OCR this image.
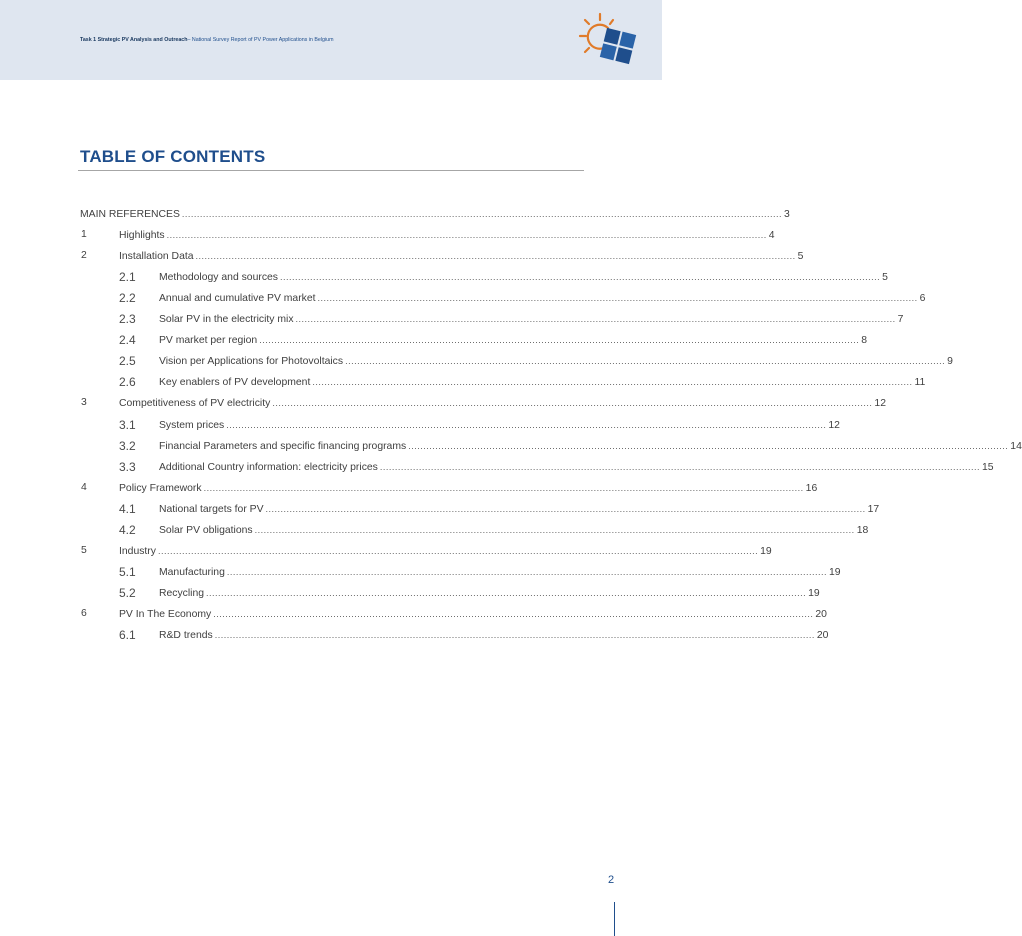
Task 1 Strategic PV Analysis and Outreach– National Survey Report of PV Power Applications in Belgium
TABLE OF CONTENTS
MAIN REFERENCES ........................................................................................................................................................................................................ 3
1	Highlights ........................................................................................................................................................................................................ 4
2	Installation Data ........................................................................................................................................................................................................ 5
2.1 Methodology and sources ........................................................................................................................................................................................................ 5
2.2 Annual and cumulative PV market ........................................................................................................................................................................................................ 6
2.3 Solar PV in the electricity mix ........................................................................................................................................................................................................ 7
2.4 PV market per region ........................................................................................................................................................................................................ 8
2.5 Vision per Applications for Photovoltaics ........................................................................................................................................................................................................ 9
2.6 Key enablers of PV development ........................................................................................................................................................................................................ 11
3	Competitiveness of PV electricity ........................................................................................................................................................................................................ 12
3.1 System prices ........................................................................................................................................................................................................ 12
3.2 Financial Parameters and specific financing programs ........................................................................................................................................................................................................ 14
3.3 Additional Country information: electricity prices ........................................................................................................................................................................................................ 15
4	Policy Framework ........................................................................................................................................................................................................ 16
4.1 National targets for PV ........................................................................................................................................................................................................ 17
4.2 Solar PV obligations ........................................................................................................................................................................................................ 18
5	Industry ........................................................................................................................................................................................................ 19
5.1 Manufacturing ........................................................................................................................................................................................................ 19
5.2 Recycling ........................................................................................................................................................................................................ 19
6	PV In The Economy ........................................................................................................................................................................................................ 20
6.1 R&D trends ........................................................................................................................................................................................................ 20
2
